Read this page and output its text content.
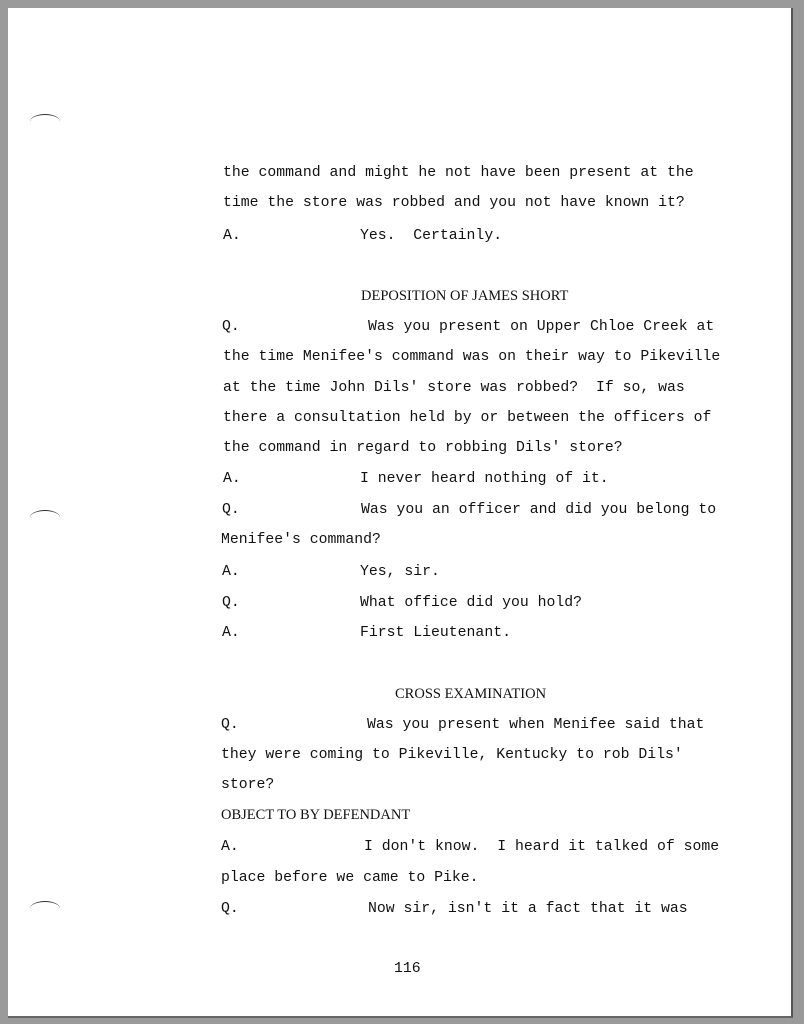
the command and might he not have been present at the
time the store was robbed and you not have known it?
A.	Yes.  Certainly.
DEPOSITION OF JAMES SHORT
Q.	Was you present on Upper Chloe Creek at
the time Menifee's command was on their way to Pikeville
at the time John Dils' store was robbed?  If so, was
there a consultation held by or between the officers of
the command in regard to robbing Dils' store?
A.	I never heard nothing of it.
Q.	Was you an officer and did you belong to
Menifee's command?
A.	Yes, sir.
Q.	What office did you hold?
A.	First Lieutenant.
CROSS EXAMINATION
Q.	Was you present when Menifee said that
they were coming to Pikeville, Kentucky to rob Dils'
store?
OBJECT TO BY DEFENDANT
A.	I don't know.  I heard it talked of some
place before we came to Pike.
Q.	Now sir, isn't it a fact that it was
116
